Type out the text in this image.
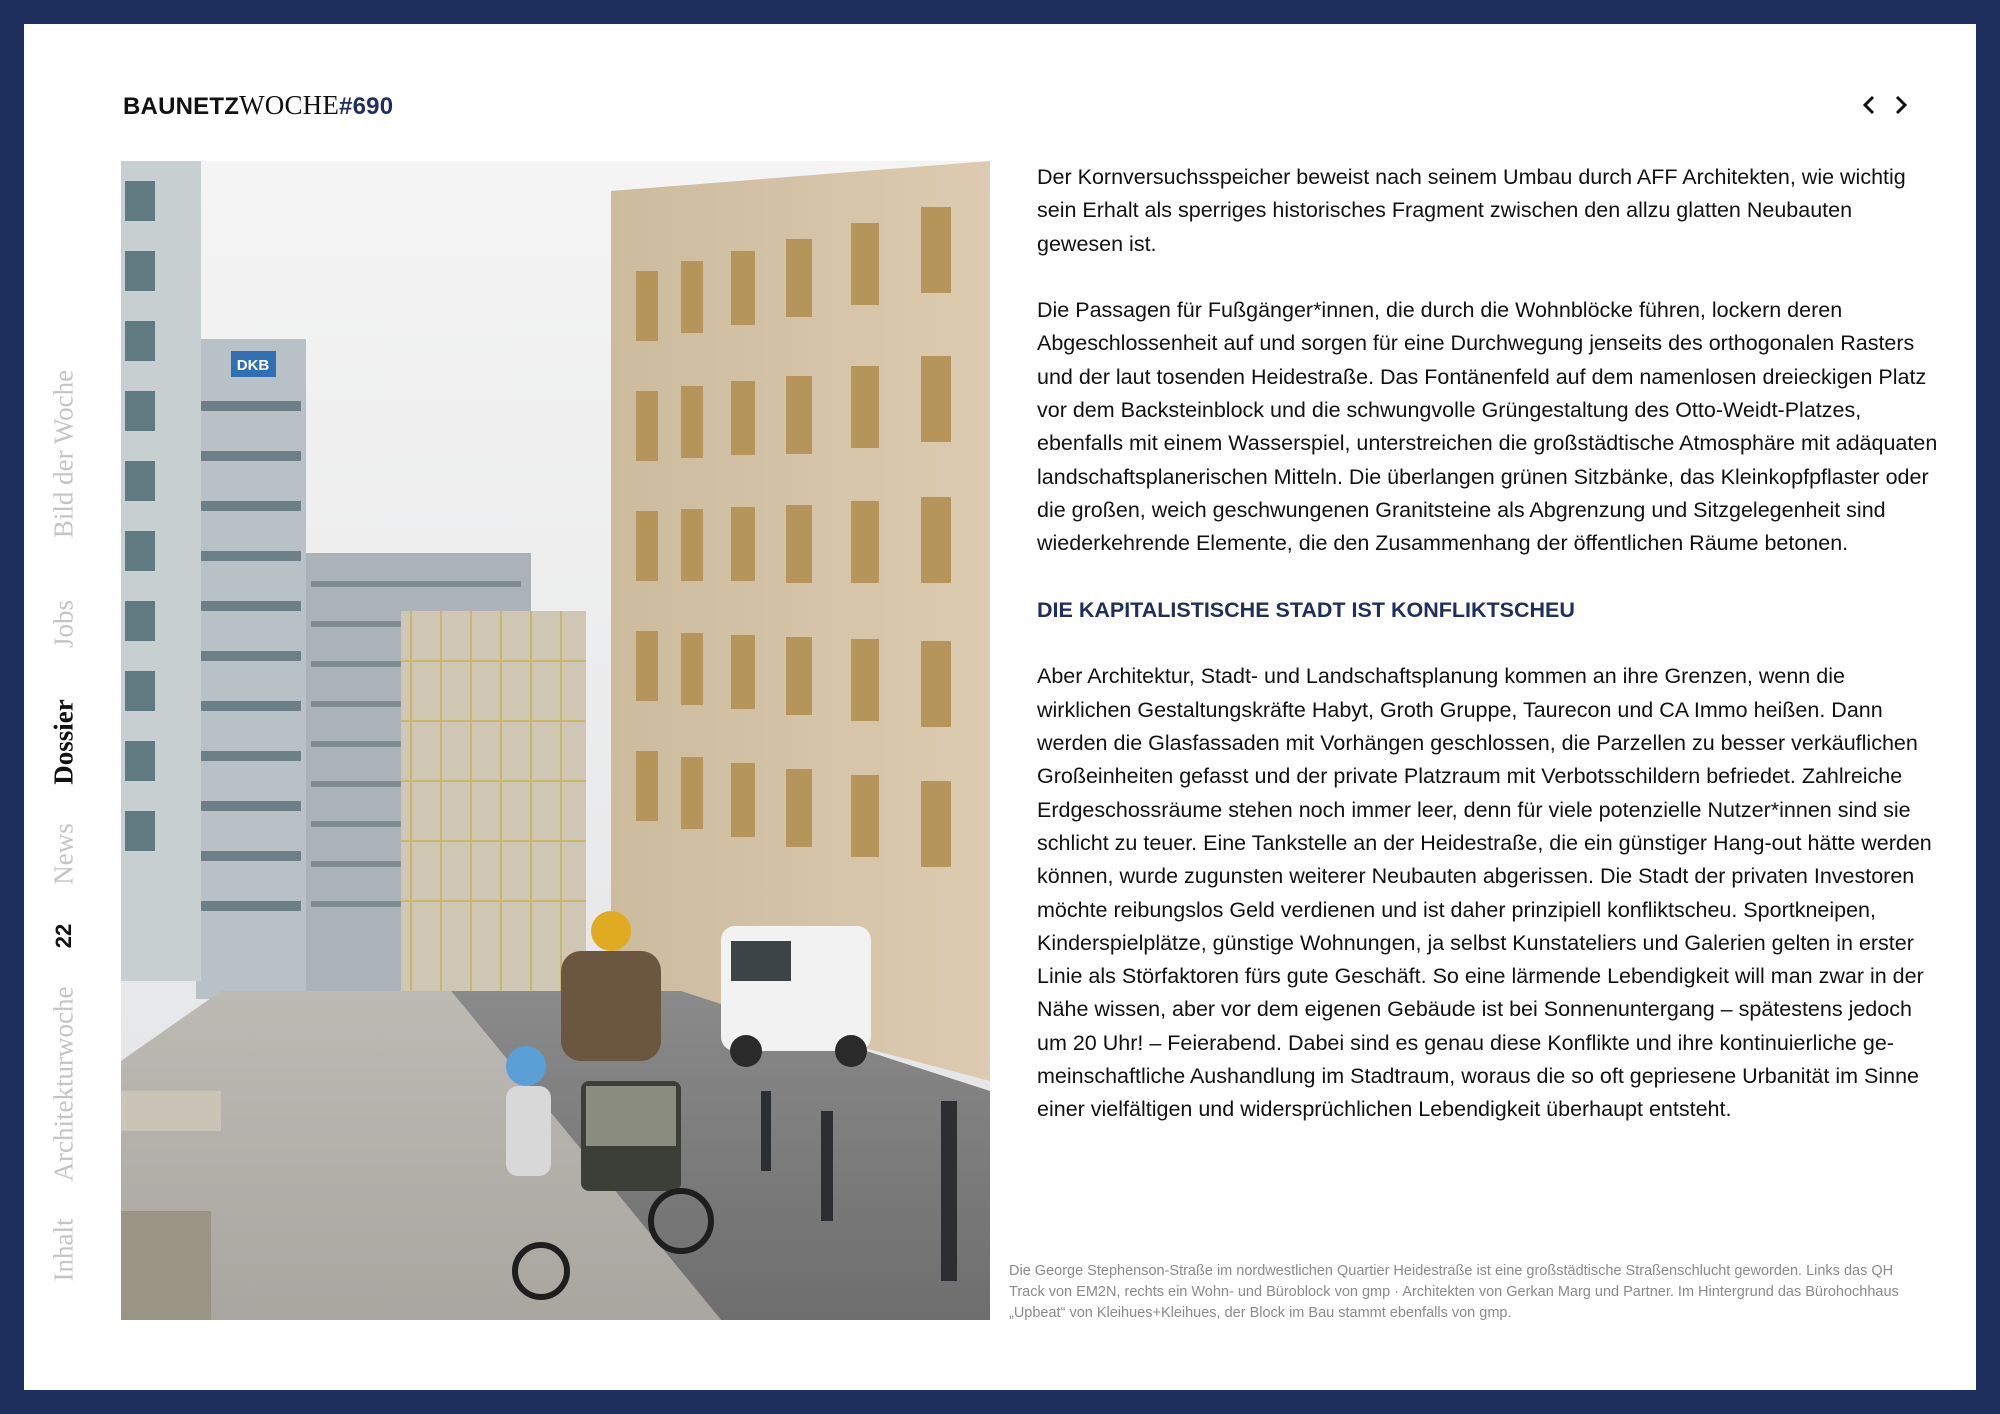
BAUNETZWOCHE#690
Bild der Woche
Jobs
Dossier
News
22
Architekturwoche
Inhalt
DKB

Der Kornversuchsspeicher beweist nach seinem Umbau durch AFF Architekten, wie wichtig sein Erhalt als sperriges historisches Fragment zwischen den allzu glatten Neubauten gewesen ist.

Die Passagen für Fußgänger*innen, die durch die Wohnblöcke führen, lockern deren Abgeschlossenheit auf und sorgen für eine Durchwegung jenseits des orthogonalen Rasters und der laut tosenden Heidestraße. Das Fontänenfeld auf dem namenlosen dreieckigen Platz vor dem Backsteinblock und die schwungvolle Grüngestaltung des Otto-Weidt-Platzes, ebenfalls mit einem Wasserspiel, unterstreichen die großstädtische Atmosphäre mit adäquaten landschaftsplanerischen Mitteln. Die überlangen grünen Sitzbänke, das Kleinkopfpflaster oder die großen, weich geschwungenen Granitsteine als Abgrenzung und Sitzgelegenheit sind wiederkehrende Elemente, die den Zusammenhang der öffentlichen Räume betonen.

DIE KAPITALISTISCHE STADT IST KONFLIKTSCHEU

Aber Architektur, Stadt- und Landschaftsplanung kommen an ihre Grenzen, wenn die wirklichen Gestaltungskräfte Habyt, Groth Gruppe, Taurecon und CA Immo heißen. Dann werden die Glasfassaden mit Vorhängen geschlossen, die Parzellen zu besser verkäuflichen Großeinheiten gefasst und der private Platzraum mit Verbotsschildern befriedet. Zahlreiche Erdgeschossräume stehen noch immer leer, denn für viele potenzielle Nutzer*innen sind sie schlicht zu teuer. Eine Tankstelle an der Heidestraße, die ein günstiger Hang-out hätte werden können, wurde zugunsten weiterer Neubauten abgerissen. Die Stadt der privaten Investoren möchte reibungslos Geld verdienen und ist daher prinzipiell konfliktscheu. Sportkneipen, Kinderspielplätze, günstige Wohnungen, ja selbst Kunstateliers und Galerien gelten in erster Linie als Störfaktoren fürs gute Geschäft. So eine lärmende Lebendigkeit will man zwar in der Nähe wissen, aber vor dem eigenen Gebäude ist bei Sonnenuntergang – spätestens jedoch um 20 Uhr! – Feierabend. Dabei sind es genau diese Konflikte und ihre kontinuierliche gemeinschaftliche Aushandlung im Stadtraum, woraus die so oft gepriesene Urbanität im Sinne einer vielfältigen und widersprüchlichen Lebendigkeit überhaupt entsteht.

Die George Stephenson-Straße im nordwestlichen Quartier Heidestraße ist eine großstädtische Straßenschlucht geworden. Links das QH Track von EM2N, rechts ein Wohn- und Büroblock von gmp · Architekten von Gerkan Marg und Partner. Im Hintergrund das Bürohochhaus „Upbeat“ von Kleihues+Kleihues, der Block im Bau stammt ebenfalls von gmp.
